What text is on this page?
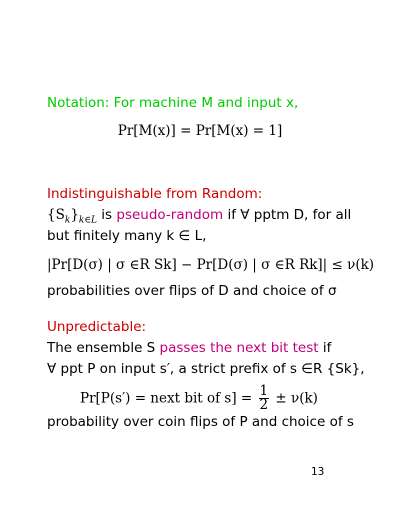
Notation: For machine M and input x,
Pr[M(x)] = Pr[M(x) = 1]
Indistinguishable from Random:
$\{S_k\}_{k\in L}$ is pseudo-random if ∀ pptm D, for all
but finitely many k ∈ L,
|Pr[D(σ) | σ ∈R Sk] − Pr[D(σ) | σ ∈R Rk]| ≤ ν(k)
probabilities over flips of D and choice of σ
Unpredictable:
The ensemble S passes the next bit test if
∀ ppt P on input s′, a strict prefix of s ∈R {Sk},
Pr[P(s′) = next bit of $s] = \frac{1}{2} \pm \nu(k)$
probability over coin flips of P and choice of s
13
